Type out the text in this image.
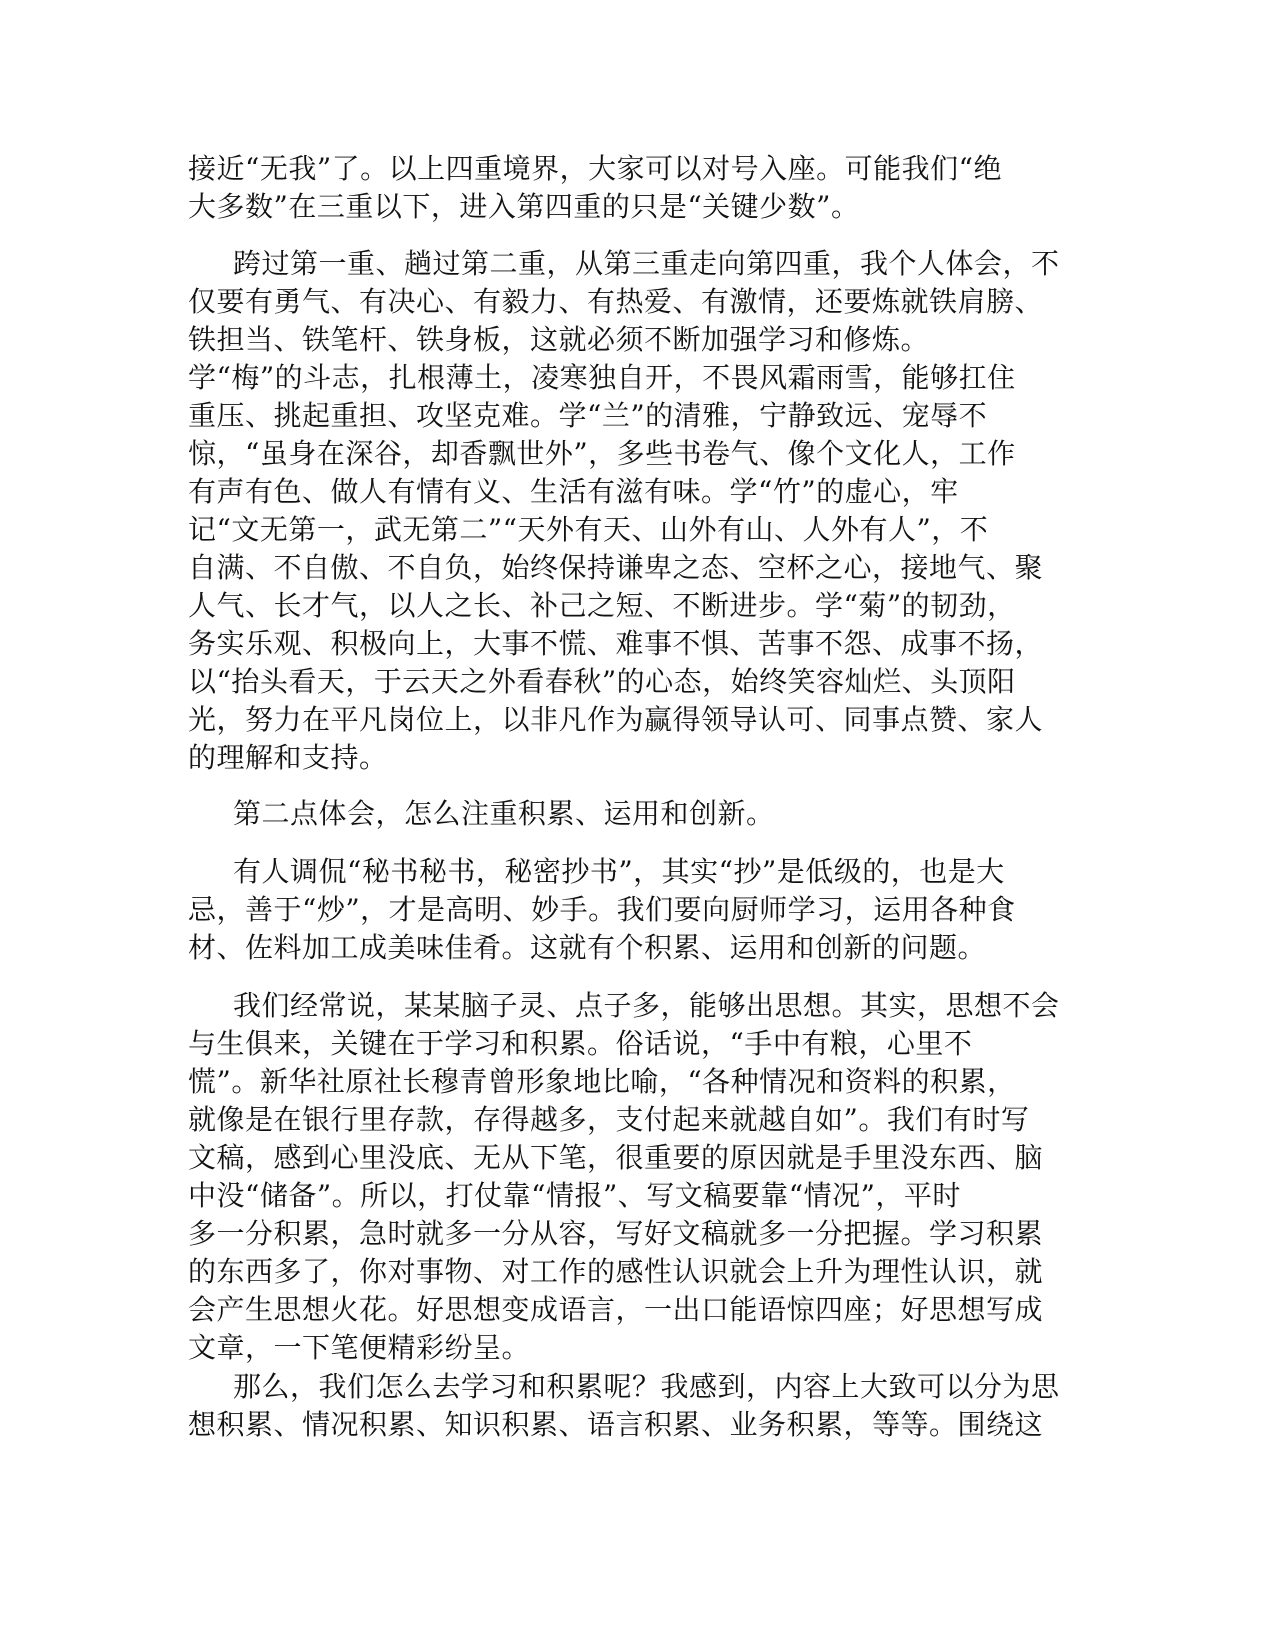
接近“无我”了。以上四重境界，大家可以对号入座。可能我们“绝
大多数”在三重以下，进入第四重的只是“关键少数”。
跨过第一重、趟过第二重，从第三重走向第四重，我个人体会，不
仅要有勇气、有决心、有毅力、有热爱、有激情，还要炼就铁肩膀、
铁担当、铁笔杆、铁身板，这就必须不断加强学习和修炼。
学“梅”的斗志，扎根薄土，凌寒独自开，不畏风霜雨雪，能够扛住
重压、挑起重担、攻坚克难。学“兰”的清雅，宁静致远、宠辱不
惊，“虽身在深谷，却香飘世外”，多些书卷气、像个文化人，工作
有声有色、做人有情有义、生活有滋有味。学“竹”的虚心，牢
记“文无第一，武无第二”“天外有天、山外有山、人外有人”，不
自满、不自傲、不自负，始终保持谦卑之态、空杯之心，接地气、聚
人气、长才气，以人之长、补己之短、不断进步。学“菊”的韧劲，
务实乐观、积极向上，大事不慌、难事不惧、苦事不怨、成事不扬，
以“抬头看天，于云天之外看春秋”的心态，始终笑容灿烂、头顶阳
光，努力在平凡岗位上，以非凡作为赢得领导认可、同事点赞、家人
的理解和支持。
第二点体会，怎么注重积累、运用和创新。
有人调侃“秘书秘书，秘密抄书”，其实“抄”是低级的，也是大
忌，善于“炒”，才是高明、妙手。我们要向厨师学习，运用各种食
材、佐料加工成美味佳肴。这就有个积累、运用和创新的问题。
我们经常说，某某脑子灵、点子多，能够出思想。其实，思想不会
与生俱来，关键在于学习和积累。俗话说，“手中有粮，心里不
慌”。新华社原社长穆青曾形象地比喻，“各种情况和资料的积累，
就像是在银行里存款，存得越多，支付起来就越自如”。我们有时写
文稿，感到心里没底、无从下笔，很重要的原因就是手里没东西、脑
中没“储备”。所以，打仗靠“情报”、写文稿要靠“情况”，平时
多一分积累，急时就多一分从容，写好文稿就多一分把握。学习积累
的东西多了，你对事物、对工作的感性认识就会上升为理性认识，就
会产生思想火花。好思想变成语言，一出口能语惊四座；好思想写成
文章，一下笔便精彩纷呈。
那么，我们怎么去学习和积累呢？我感到，内容上大致可以分为思
想积累、情况积累、知识积累、语言积累、业务积累，等等。围绕这
